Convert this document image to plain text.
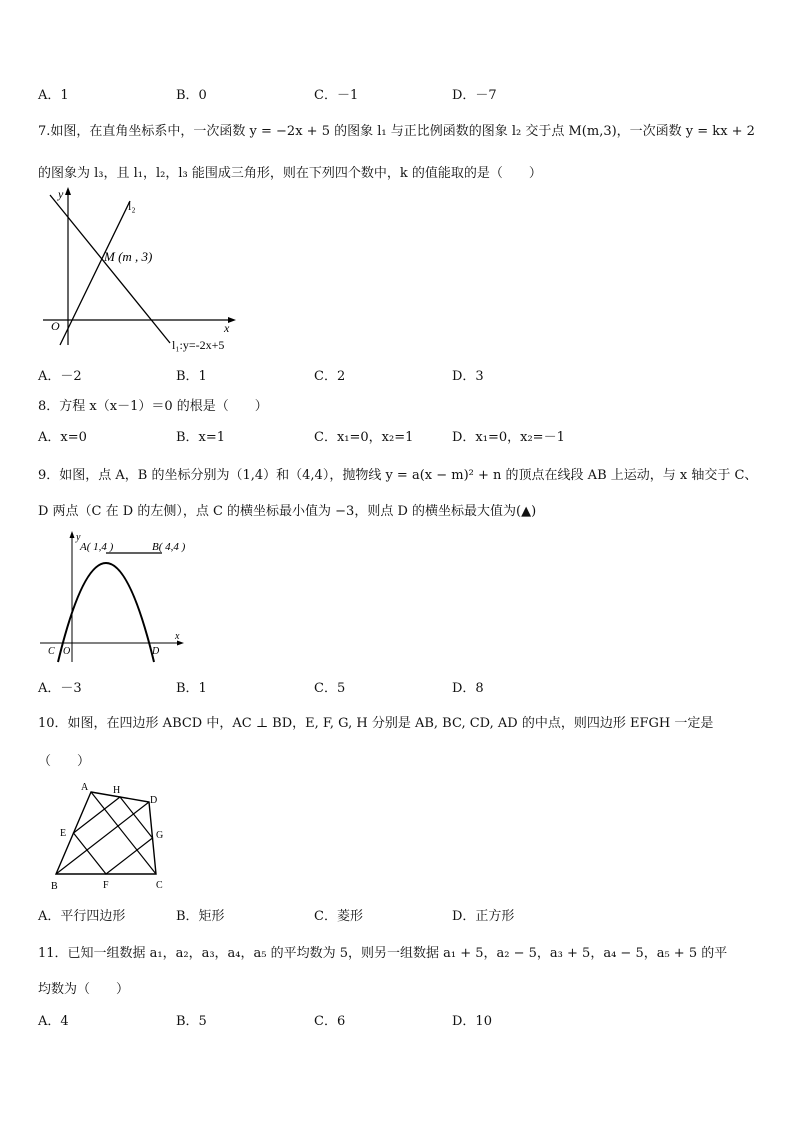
A．1	B．0	C．－1	D．－7
7.如图，在直角坐标系中，一次函数 y = −2x + 5 的图象 l₁ 与正比例函数的图象 l₂ 交于点 M(m,3)，一次函数 y = kx + 2
的图象为 l₃，且 l₁，l₂，l₃ 能围成三角形，则在下列四个数中，k 的值能取的是（　　）
y
l₂
M (m , 3)
O	x
l₁:y=-2x+5
A．－2	B．1	C．2	D．3
8．方程 x（x－1）＝0 的根是（　　）
A．x=0	B．x=1	C．x₁=0，x₂=1	D．x₁=0，x₂=－1
9．如图，点 A，B 的坐标分别为（1,4）和（4,4），抛物线 y = a(x − m)² + n 的顶点在线段 AB 上运动，与 x 轴交于 C、
D 两点（C 在 D 的左侧），点 C 的横坐标最小值为 −3，则点 D 的横坐标最大值为(▲)
y
A( 1,4 )	B( 4,4 )
x
C O	D
A．－3	B．1	C．5	D．8
10．如图，在四边形 ABCD 中，AC ⊥ BD，E, F, G, H 分别是 AB, BC, CD, AD 的中点，则四边形 EFGH 一定是
（　　）
A H
D
E	G
B	F	C
A．平行四边形	B．矩形	C．菱形	D．正方形
11．已知一组数据 a₁，a₂，a₃，a₄，a₅ 的平均数为 5，则另一组数据 a₁ + 5，a₂ − 5，a₃ + 5，a₄ − 5，a₅ + 5 的平
均数为（　　）
A．4	B．5	C．6	D．10
